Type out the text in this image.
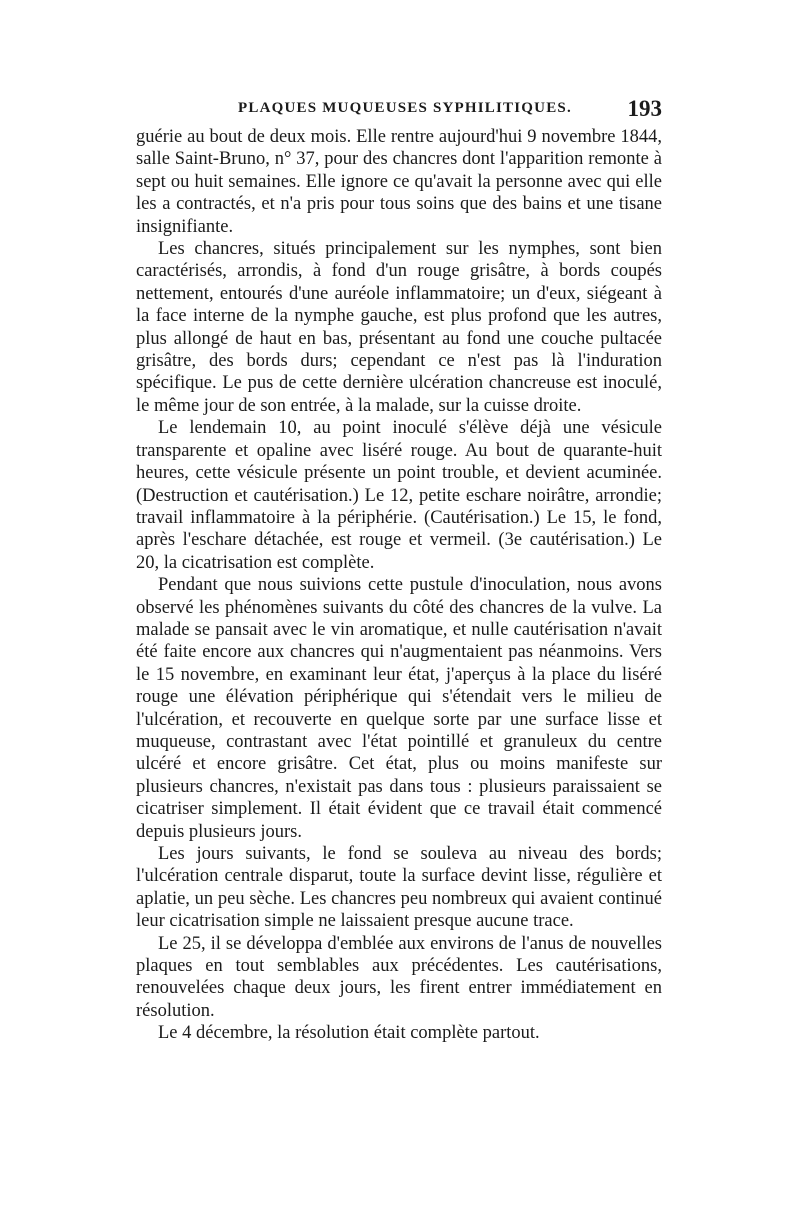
PLAQUES MUQUEUSES SYPHILITIQUES. 193

guérie au bout de deux mois. Elle rentre aujourd'hui 9 novembre 1844, salle Saint-Bruno, n° 37, pour des chancres dont l'apparition remonte à sept ou huit semaines. Elle ignore ce qu'avait la personne avec qui elle les a contractés, et n'a pris pour tous soins que des bains et une tisane insignifiante.

Les chancres, situés principalement sur les nymphes, sont bien caractérisés, arrondis, à fond d'un rouge grisâtre, à bords coupés nettement, entourés d'une auréole inflammatoire; un d'eux, siégeant à la face interne de la nymphe gauche, est plus profond que les autres, plus allongé de haut en bas, présentant au fond une couche pultacée grisâtre, des bords durs; cependant ce n'est pas là l'induration spécifique. Le pus de cette dernière ulcération chancreuse est inoculé, le même jour de son entrée, à la malade, sur la cuisse droite.

Le lendemain 10, au point inoculé s'élève déjà une vésicule transparente et opaline avec liséré rouge. Au bout de quarante-huit heures, cette vésicule présente un point trouble, et devient acuminée. (Destruction et cautérisation.) Le 12, petite eschare noirâtre, arrondie; travail inflammatoire à la périphérie. (Cautérisation.) Le 15, le fond, après l'eschare détachée, est rouge et vermeil. (3e cautérisation.) Le 20, la cicatrisation est complète.

Pendant que nous suivions cette pustule d'inoculation, nous avons observé les phénomènes suivants du côté des chancres de la vulve. La malade se pansait avec le vin aromatique, et nulle cautérisation n'avait été faite encore aux chancres qui n'augmentaient pas néanmoins. Vers le 15 novembre, en examinant leur état, j'aperçus à la place du liséré rouge une élévation périphérique qui s'étendait vers le milieu de l'ulcération, et recouverte en quelque sorte par une surface lisse et muqueuse, contrastant avec l'état pointillé et granuleux du centre ulcéré et encore grisâtre. Cet état, plus ou moins manifeste sur plusieurs chancres, n'existait pas dans tous : plusieurs paraissaient se cicatriser simplement. Il était évident que ce travail était commencé depuis plusieurs jours.

Les jours suivants, le fond se souleva au niveau des bords; l'ulcération centrale disparut, toute la surface devint lisse, régulière et aplatie, un peu sèche. Les chancres peu nombreux qui avaient continué leur cicatrisation simple ne laissaient presque aucune trace.

Le 25, il se développa d'emblée aux environs de l'anus de nouvelles plaques en tout semblables aux précédentes. Les cautérisations, renouvelées chaque deux jours, les firent entrer immédiatement en résolution.

Le 4 décembre, la résolution était complète partout.
